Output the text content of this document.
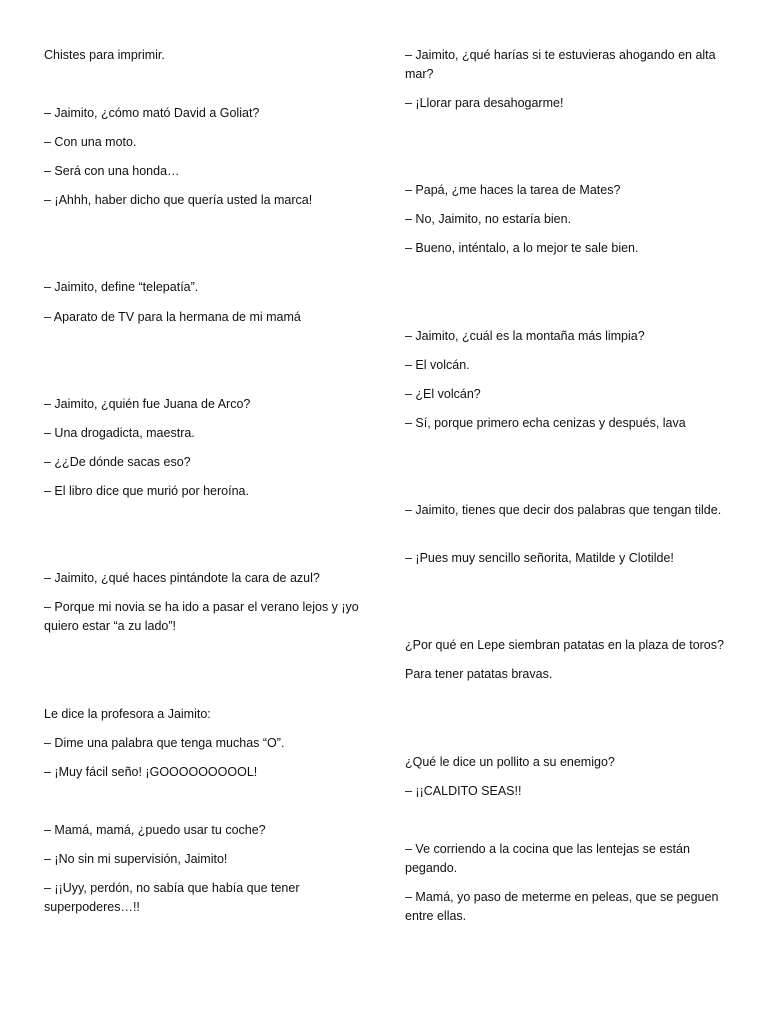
Chistes para imprimir.

– Jaimito, ¿cómo mató David a Goliat?

– Con una moto.

– Será con una honda…

– ¡Ahhh, haber dicho que quería usted la marca!

– Jaimito, define “telepatía”.

– Aparato de TV para la hermana de mi mamá

– Jaimito, ¿quién fue Juana de Arco?

– Una drogadicta, maestra.

– ¿¿De dónde sacas eso?

– El libro dice que murió por heroína.

– Jaimito, ¿qué haces pintándote la cara de azul?

– Porque mi novia se ha ido a pasar el verano lejos y ¡yo quiero estar “a zu lado”!

Le dice la profesora a Jaimito:

– Dime una palabra que tenga muchas “O”.

– ¡Muy fácil seño! ¡GOOOOOOOOOL!

– Mamá, mamá, ¿puedo usar tu coche?

– ¡No sin mi supervisión, Jaimito!

– ¡¡Uyy, perdón, no sabía que había que tener superpoderes…!!

– Jaimito, ¿qué harías si te estuvieras ahogando en alta mar?

– ¡Llorar para desahogarme!

– Papá, ¿me haces la tarea de Mates?

– No, Jaimito, no estaría bien.

– Bueno, inténtalo, a lo mejor te sale bien.

– Jaimito, ¿cuál es la montaña más limpia?

– El volcán.

– ¿El volcán?

– Sí, porque primero echa cenizas y después, lava

– Jaimito, tienes que decir dos palabras que tengan tilde.

– ¡Pues muy sencillo señorita, Matilde y Clotilde!

¿Por qué en Lepe siembran patatas en la plaza de toros?

Para tener patatas bravas.

¿Qué le dice un pollito a su enemigo?

– ¡¡CALDITO SEAS!!

– Ve corriendo a la cocina que las lentejas se están pegando.

– Mamá, yo paso de meterme en peleas, que se peguen entre ellas.
